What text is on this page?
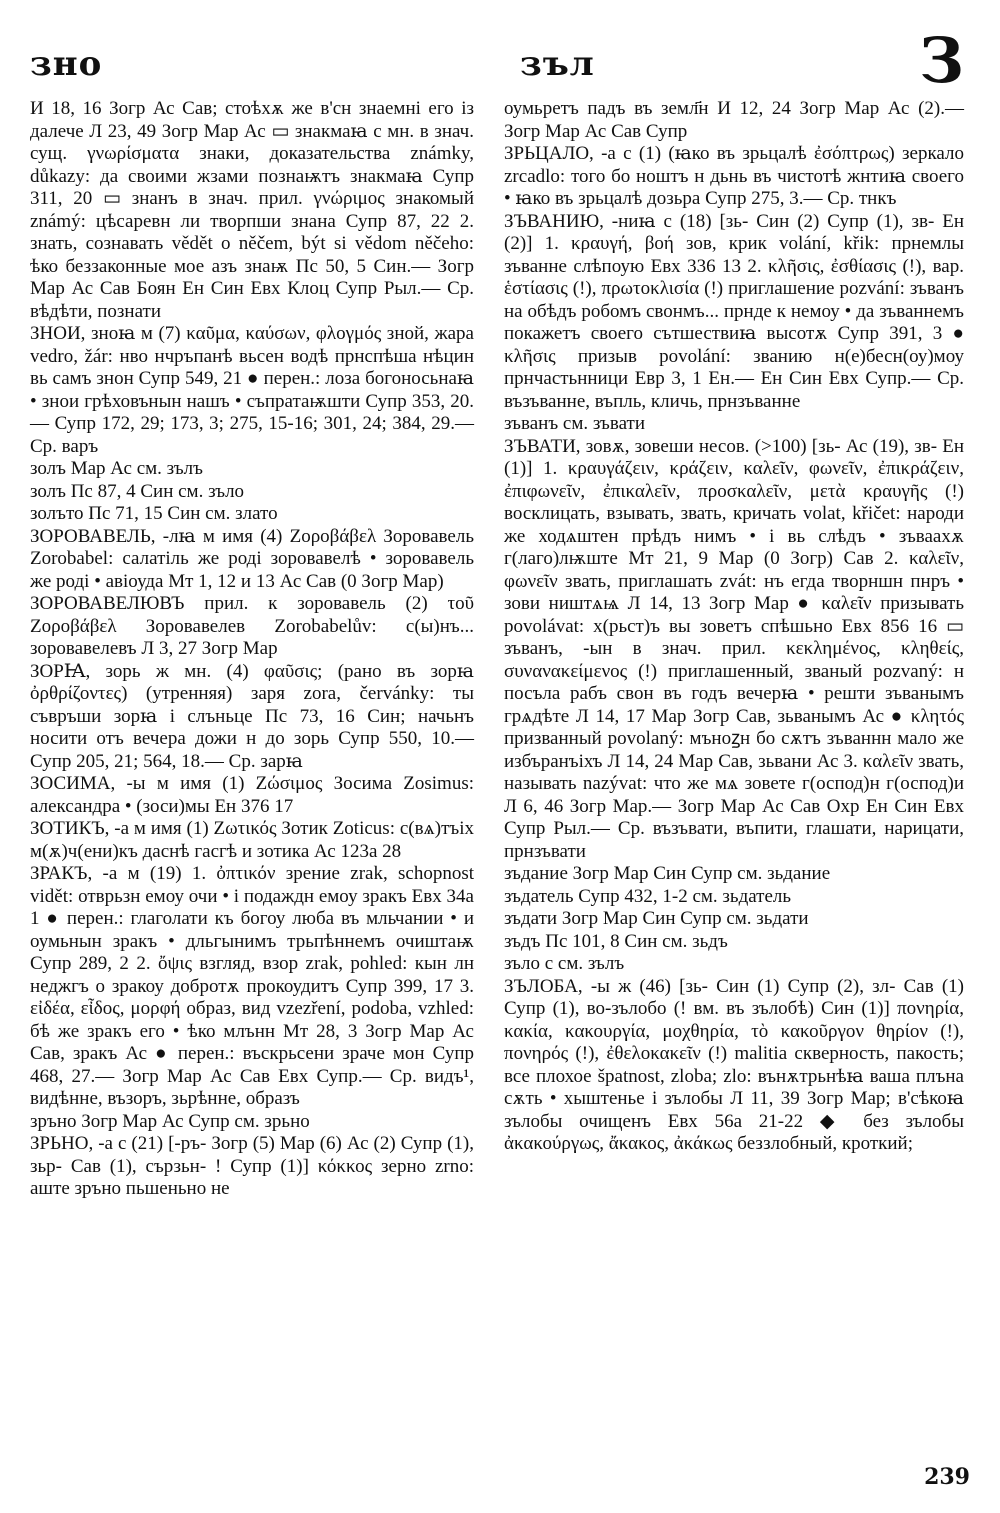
зно	зъл	З

И 18, 16 Зогр Ас Сав; стоѣхѫ же в'сн знаемні его із далече Л 23, 49 Зогр Мар Ас ▭ знакмаꙗ с мн. в знач. сущ. γνωρίσματα знаки, доказательства známky, důkazy: да своими жзами познаѭтъ знакмаꙗ Супр 311, 20 ▭ знанъ в знач. прил. γνώριμος знакомый známý: цѣсаревн ли творпши знана Супр 87, 22 2. знать, сознавать vědět o něčem, být si vědom něčeho: ѣко беззаконные мое азъ знаѭ Пс 50, 5 Син.— Зогр Мар Ас Сав Боян Ен Син Евх Клоц Супр Рыл.— Ср. вѣдѣти, познати

ЗНОИ, зноꙗ м (7) καῦμα, καύσων, φλογμός зной, жара vedro, žár: нво нчръпанѣ вьсен водѣ прнспѣша нѣцин вь самъ знон Супр 549, 21 ● перен.: лоза богоносьнаꙗ • знои грѣховънын нашъ • съпратаѭшти Супр 353, 20.— Супр 172, 29; 173, 3; 275, 15-16; 301, 24; 384, 29.— Ср. варъ

золъ Мар Ас см. зълъ

золъ Пс 87, 4 Син см. зъло

золъто Пс 71, 15 Син см. злато

ЗОРОВАВЕЛЬ, -лꙗ м имя (4) Ζοροβάβελ Зоровавель Zorobabel: салатіль же роді зоровавелѣ • зоровавель же роді • авіоуда Мт 1, 12 и 13 Ас Сав (0 Зогр Мар)

ЗОРОВАВЕЛЮВЪ прил. к зоровавель (2) τοῦ Ζοροβάβελ Зоровавелев Zorobabelův: с(ы)нъ... зоровавелевъ Л 3, 27 Зогр Мар

ЗОРꙖ, зорь ж мн. (4) φαῦσις; (рано въ зорꙗ ὀρθρίζοντες) (утренняя) заря zora, červánky: ты съвръши зорꙗ і слъньце Пс 73, 16 Син; начьнъ носити отъ вечера дожи н до зорь Супр 550, 10.— Супр 205, 21; 564, 18.— Ср. зарꙗ

ЗОСИМА, -ы м имя (1) Ζώσιμος Зосима Zosimus: александра • (зоси)мы Ен 376 17

ЗОТИКЪ, -а м имя (1) Ζωτικός Зотик Zoticus: с(вѧ)тъіх м(ѫ)ч(ени)къ даснѣ гасгѣ и зотика Ас 123а 28

ЗРАКЪ, -а м (19) 1. ὀπτικόν зрение zrak, schopnost vidět: отврьзн емоу очи • і подаждн емоу зракъ Евх 34а 1 ● перен.: глаголати къ богоу люба въ мльчании • и оумьнын зракъ • дльгынимъ трьпѣннемъ очиштаѭ Супр 289, 2 2. ὄψις взгляд, взор zrak, pohled: кын лн неджгъ о зракоу добротѫ прокоудитъ Супр 399, 17 3. εἰδέα, εἶδος, μορφή образ, вид vzezření, podoba, vzhled: бѣ же зракъ его • ѣко млънн Мт 28, 3 Зогр Мар Ас Сав, зракъ Ас ● перен.: въскрьсени зраче мон Супр 468, 27.— Зогр Мар Ас Сав Евх Супр.— Ср. видъ¹, видѣнне, възоръ, зьрѣнне, образъ

зръно Зогр Мар Ас Супр см. зрьно

ЗРЬНО, -а с (21) [-ръ- Зогр (5) Мар (6) Ас (2) Супр (1), зьр- Сав (1), сързьн- ! Супр (1)] κόκκος зерно zrno: аште зръно пьшеньно не

оумьретъ падъ въ земл҃н И 12, 24 Зогр Мар Ас (2).— Зогр Мар Ас Сав Супр

ЗРЬЦАЛО, -а с (1) (ꙗко въ зрьцалѣ ἐσόπτρως) зеркало zrcadlo: того бо ноштъ н дьнь въ чистотѣ жнтиꙗ своего • ꙗко въ зрьцалѣ дозьра Супр 275, 3.— Ср. тнкъ

ЗЪВАНИЮ, -ниꙗ с (18) [зь- Син (2) Супр (1), зв- Ен (2)] 1. κραυγή, βοή зов, крик volání, křik: прнемлы зъванне слѣпоую Евх 336 13 2. κλῆσις, ἐσθίασις (!), вар. ἑστίασις (!), πρωτοκλισία (!) приглашение pozvání: зъванъ на обѣдъ робомъ свонмъ... прнде к немоу • да зъваннемъ покажетъ своего сътшествиꙗ высотѫ Супр 391, 3 ● κλῆσις призыв povolání: званию н(е)бесн(оу)моу прнчастьнници Евр 3, 1 Ен.— Ен Син Евх Супр.— Ср. възъванне, въпль, кличь, прнзъванне

зъванъ см. зъвати

ЗЪВАТИ, зовѫ, зовеши несов. (>100) [зь- Ас (19), зв- Ен (1)] 1. κραυγάζειν, κράζειν, καλεῖν, φωνεῖν, ἐπικράζειν, ἐπιφωνεῖν, ἐπικαλεῖν, προσκαλεῖν, μετὰ κραυγῆς (!) восклицать, взывать, звать, кричать volat, křičet: народи же ходѧштен прѣдъ нимъ • і вь слѣдъ • зъваахѫ г(лаго)лѭште Мт 21, 9 Мар (0 Зогр) Сав 2. καλεῖν, φωνεῖν звать, приглашать zvát: нъ егда творншн пнръ • зови ништѧѩ Л 14, 13 Зогр Мар ● καλεῖν призывать povolávat: х(рьст)ъ вы зоветъ спѣшьно Евх 856 16 ▭ зъванъ, -ын в знач. прил. κεκλημένος, κληθείς, συνανακείμενος (!) приглашенный, званый pozvaný: н посъла рабъ свон въ годъ вечерꙗ • решти зъванымъ грѧдѣте Л 14, 17 Мар Зогр Сав, зьванымъ Ас ● κλητός призванный povolaný: мъноꙁн бо сѫтъ зъваннн мало же избъранъіхъ Л 14, 24 Мар Сав, зьвани Ас 3. καλεῖν звать, называть nazývat: что же мѧ зовете г(оспод)н г(оспод)и Л 6, 46 Зогр Мар.— Зогр Мар Ас Сав Охр Ен Син Евх Супр Рыл.— Ср. възъвати, въпити, глашати, нарицати, прнзъвати

зъдание Зогр Мар Син Супр см. зьдание

зъдатель Супр 432, 1-2 см. зьдатель

зъдати Зогр Мар Син Супр см. зьдати

зъдъ Пс 101, 8 Син см. зьдъ

зъло с см. зълъ

ЗЪЛОБА, -ы ж (46) [зь- Син (1) Супр (2), зл- Сав (1) Супр (1), во-зълобо (! вм. въ зълобѣ) Син (1)] πονηρία, κακία, κακουργία, μοχθηρία, τὸ κακοῦργον θηρίον (!), πονηρός (!), ἐθελοκακεῖν (!) malitia скверность, пакость; все плохое špatnost, zloba; zlo: вънѫтрьнѣꙗ ваша плъна сѫть • хыштенье і зълобы Л 11, 39 Зогр Мар; в'сѣкоꙗ зълобы очищенъ Евх 56а 21-22 ◆ без зълобы ἀκακούργως, ἄκακος, ἀκάκως беззлобный, кроткий;

239
